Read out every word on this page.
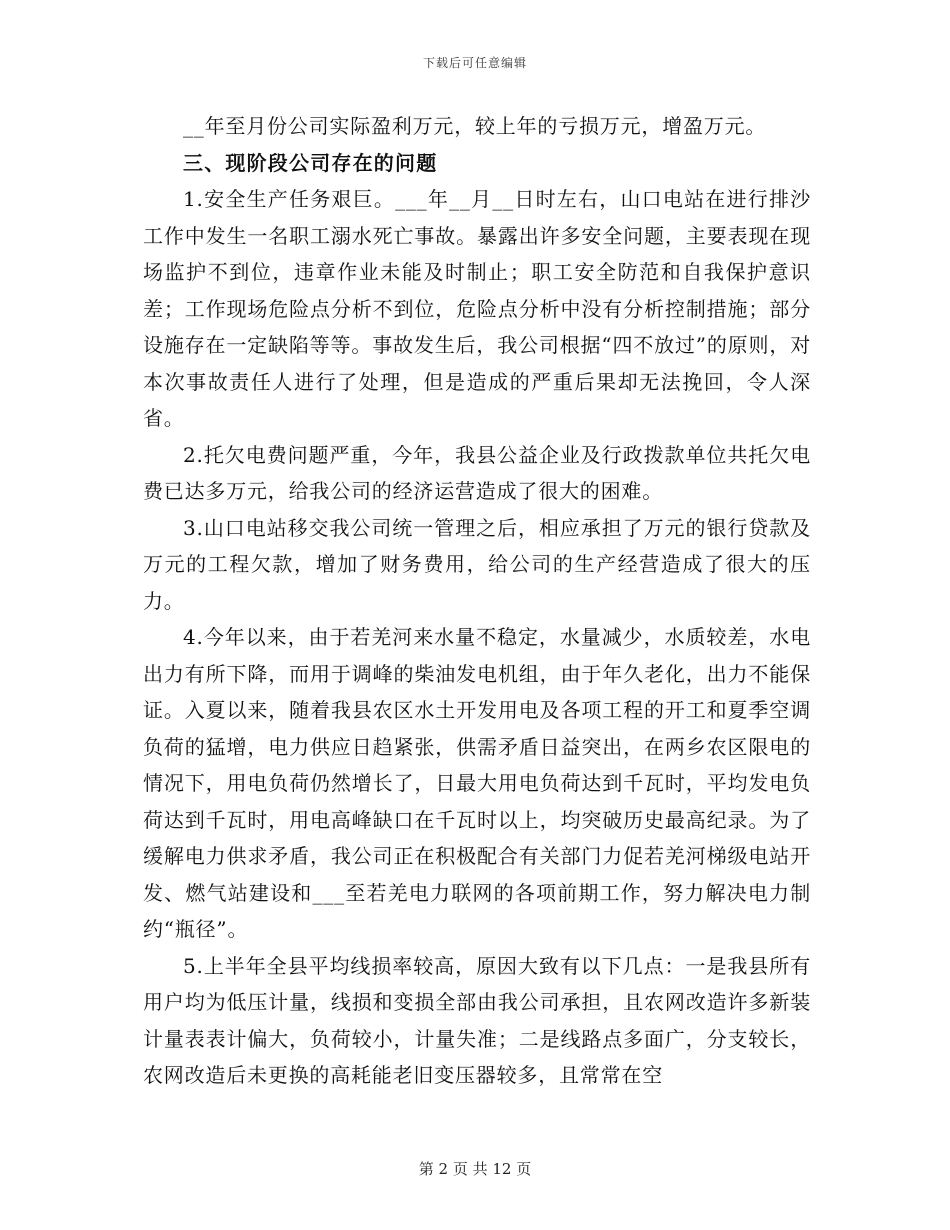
下载后可任意编辑

__年至月份公司实际盈利万元，较上年的亏损万元，增盈万元。

三、现阶段公司存在的问题

1.安全生产任务艰巨。___年__月__日时左右，山口电站在进行排沙工作中发生一名职工溺水死亡事故。暴露出许多安全问题，主要表现在现场监护不到位，违章作业未能及时制止；职工安全防范和自我保护意识差；工作现场危险点分析不到位，危险点分析中没有分析控制措施；部分设施存在一定缺陷等等。事故发生后，我公司根据“四不放过”的原则，对本次事故责任人进行了处理，但是造成的严重后果却无法挽回，令人深省。

2.托欠电费问题严重，今年，我县公益企业及行政拨款单位共托欠电费已达多万元，给我公司的经济运营造成了很大的困难。

3.山口电站移交我公司统一管理之后，相应承担了万元的银行贷款及万元的工程欠款，增加了财务费用，给公司的生产经营造成了很大的压力。

4.今年以来，由于若羌河来水量不稳定，水量减少，水质较差，水电出力有所下降，而用于调峰的柴油发电机组，由于年久老化，出力不能保证。入夏以来，随着我县农区水土开发用电及各项工程的开工和夏季空调负荷的猛增，电力供应日趋紧张，供需矛盾日益突出，在两乡农区限电的情况下，用电负荷仍然增长了，日最大用电负荷达到千瓦时，平均发电负荷达到千瓦时，用电高峰缺口在千瓦时以上，均突破历史最高纪录。为了缓解电力供求矛盾，我公司正在积极配合有关部门力促若羌河梯级电站开发、燃气站建设和___至若羌电力联网的各项前期工作，努力解决电力制约“瓶径”。

5.上半年全县平均线损率较高，原因大致有以下几点：一是我县所有用户均为低压计量，线损和变损全部由我公司承担，且农网改造许多新装计量表表计偏大，负荷较小，计量失准；二是线路点多面广，分支较长，农网改造后未更换的高耗能老旧变压器较多，且常常在空

第 2 页 共 12 页
